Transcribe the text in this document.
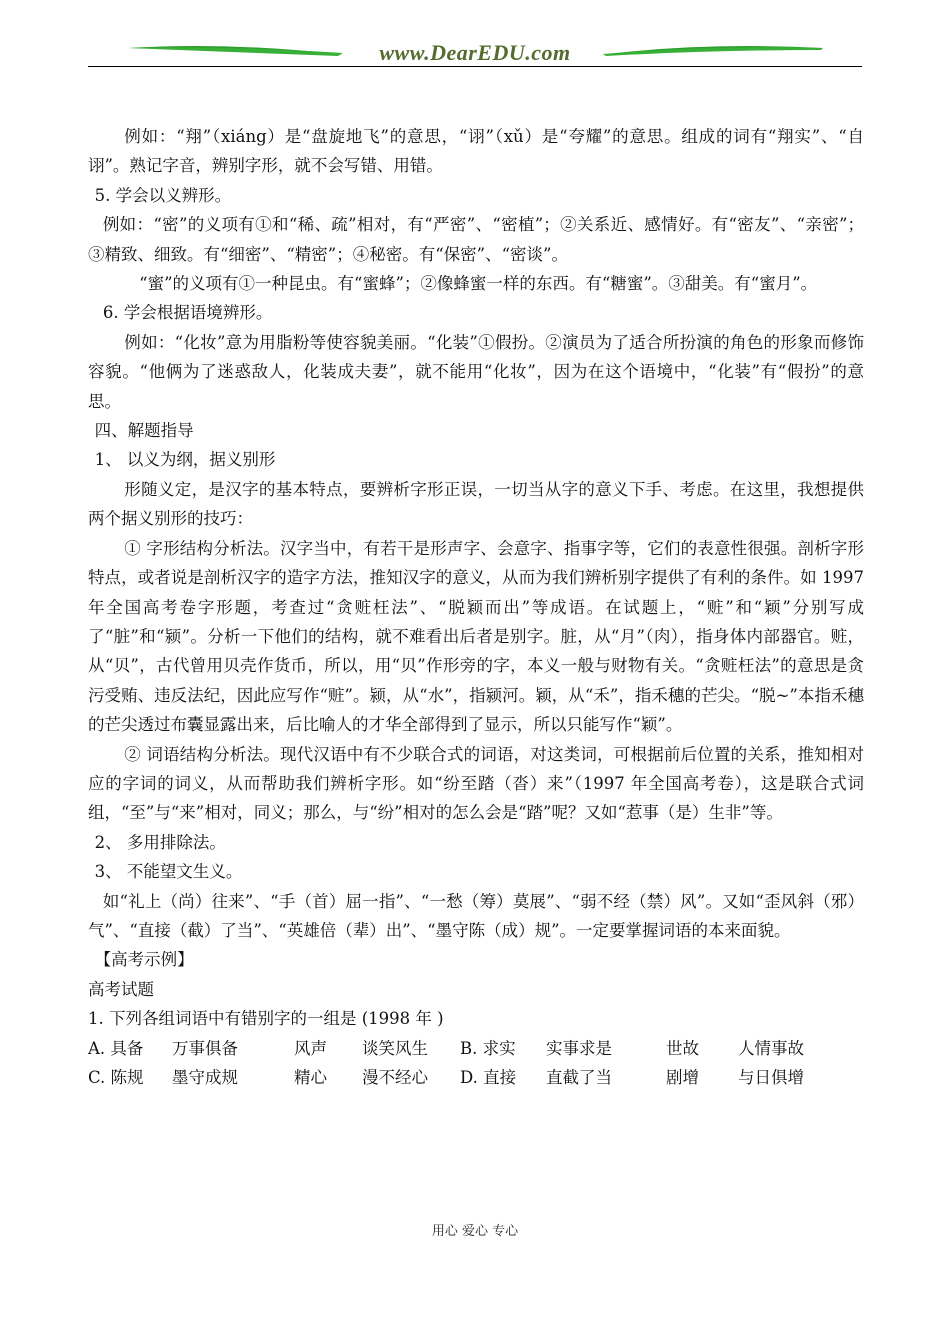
www.DearEDU.com

例如：“翔”（xiáng）是“盘旋地飞”的意思，“诩”（xǔ）是“夸耀”的意思。组成的词有“翔实”、“自诩”。熟记字音，辨别字形，就不会写错、用错。

5. 学会以义辨形。

例如：“密”的义项有①和“稀、疏”相对，有“严密”、“密植”；②关系近、感情好。有“密友”、“亲密”；③精致、细致。有“细密”、“精密”；④秘密。有“保密”、“密谈”。

“蜜”的义项有①一种昆虫。有“蜜蜂”；②像蜂蜜一样的东西。有“糖蜜”。③甜美。有“蜜月”。

6. 学会根据语境辨形。

例如：“化妆”意为用脂粉等使容貌美丽。“化装”①假扮。②演员为了适合所扮演的角色的形象而修饰容貌。“他俩为了迷惑敌人，化装成夫妻”，就不能用“化妆”，因为在这个语境中，“化装”有“假扮”的意思。

四、解题指导

1、 以义为纲，据义别形

形随义定，是汉字的基本特点，要辨析字形正误，一切当从字的意义下手、考虑。在这里，我想提供两个据义别形的技巧：

① 字形结构分析法。汉字当中，有若干是形声字、会意字、指事字等，它们的表意性很强。剖析字形特点，或者说是剖析汉字的造字方法，推知汉字的意义，从而为我们辨析别字提供了有利的条件。如 1997 年全国高考卷字形题，考查过“贪赃枉法”、“脱颖而出”等成语。在试题上，“赃”和“颖”分别写成了“脏”和“颍”。分析一下他们的结构，就不难看出后者是别字。脏，从“月”（肉），指身体内部器官。赃，从“贝”，古代曾用贝壳作货币，所以，用“贝”作形旁的字，本义一般与财物有关。“贪赃枉法”的意思是贪污受贿、违反法纪，因此应写作“赃”。颍，从“水”，指颍河。颖，从“禾”，指禾穗的芒尖。“脱~”本指禾穗的芒尖透过布囊显露出来，后比喻人的才华全部得到了显示，所以只能写作“颖”。

② 词语结构分析法。现代汉语中有不少联合式的词语，对这类词，可根据前后位置的关系，推知相对应的字词的词义，从而帮助我们辨析字形。如“纷至踏（沓）来”（1997 年全国高考卷），这是联合式词组，“至”与“来”相对，同义；那么，与“纷”相对的怎么会是“踏”呢？又如“惹事（是）生非”等。

2、 多用排除法。

3、 不能望文生义。

如“礼上（尚）往来”、“手（首）屈一指”、“一愁（筹）莫展”、“弱不经（禁）风”。又如“歪风斜（邪）气”、“直接（截）了当”、“英雄倍（辈）出”、“墨守陈（成）规”。一定要掌握词语的本来面貌。

【高考示例】

高考试题

1. 下列各组词语中有错别字的一组是 (1998 年 )

A. 具备	万事俱备	风声	谈笑风生	B. 求实	实事求是	世故	人情事故
C. 陈规	墨守成规	精心	漫不经心	D. 直接	直截了当	剧增	与日俱增
用心 爱心 专心
